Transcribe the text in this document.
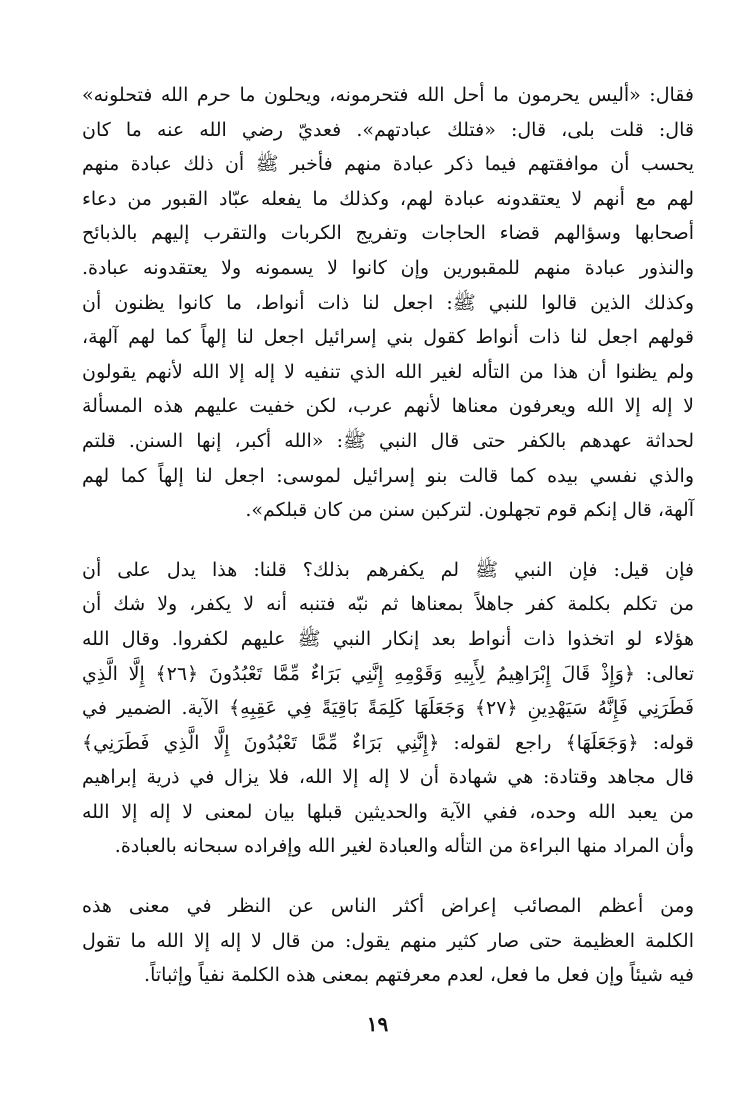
فقال: «أليس يحرمون ما أحل الله فتحرمونه، ويحلون ما حرم الله فتحلونه»
قال: قلت بلى، قال: «فتلك عبادتهم». فعديّ رضي الله عنه ما كان
يحسب أن موافقتهم فيما ذكر عبادة منهم فأخبر ﷺ أن ذلك عبادة منهم
لهم مع أنهم لا يعتقدونه عبادة لهم، وكذلك ما يفعله عبّاد القبور من دعاء
أصحابها وسؤالهم قضاء الحاجات وتفريج الكربات والتقرب إليهم بالذبائح
والنذور عبادة منهم للمقبورين وإن كانوا لا يسمونه ولا يعتقدونه عبادة.
وكذلك الذين قالوا للنبي ﷺ: اجعل لنا ذات أنواط، ما كانوا يظنون أن
قولهم اجعل لنا ذات أنواط كقول بني إسرائيل اجعل لنا إلهاً كما لهم آلهة،
ولم يظنوا أن هذا من التأله لغير الله الذي تنفيه لا إله إلا الله لأنهم يقولون
لا إله إلا الله ويعرفون معناها لأنهم عرب، لكن خفيت عليهم هذه المسألة
لحداثة عهدهم بالكفر حتى قال النبي ﷺ: «الله أكبر، إنها السنن. قلتم
والذي نفسي بيده كما قالت بنو إسرائيل لموسى: اجعل لنا إلهاً كما لهم
آلهة، قال إنكم قوم تجهلون. لتركبن سنن من كان قبلكم».
فإن قيل: فإن النبي ﷺ لم يكفرهم بذلك؟ قلنا: هذا يدل على أن
من تكلم بكلمة كفر جاهلاً بمعناها ثم نبّه فتنبه أنه لا يكفر، ولا شك أن
هؤلاء لو اتخذوا ذات أنواط بعد إنكار النبي ﷺ عليهم لكفروا. وقال الله
تعالى: ﴿وَإِذْ قَالَ إِبْرَاهِيمُ لِأَبِيهِ وَقَوْمِهِ إِنَّنِي بَرَاءٌ مِّمَّا تَعْبُدُونَ ﴿٢٦﴾ إِلَّا الَّذِي
فَطَرَنِي فَإِنَّهُ سَيَهْدِينِ ﴿٢٧﴾ وَجَعَلَهَا كَلِمَةً بَاقِيَةً فِي عَقِبِهِ﴾ الآية. الضمير في
قوله: ﴿وَجَعَلَهَا﴾ راجع لقوله: ﴿إِنَّنِي بَرَاءٌ مِّمَّا تَعْبُدُونَ إِلَّا الَّذِي فَطَرَنِي﴾
قال مجاهد وقتادة: هي شهادة أن لا إله إلا الله، فلا يزال في ذرية إبراهيم
من يعبد الله وحده، ففي الآية والحديثين قبلها بيان لمعنى لا إله إلا الله
وأن المراد منها البراءة من التأله والعبادة لغير الله وإفراده سبحانه بالعبادة.
ومن أعظم المصائب إعراض أكثر الناس عن النظر في معنى هذه
الكلمة العظيمة حتى صار كثير منهم يقول: من قال لا إله إلا الله ما تقول
فيه شيئاً وإن فعل ما فعل، لعدم معرفتهم بمعنى هذه الكلمة نفياً وإثباتاً.
١٩
